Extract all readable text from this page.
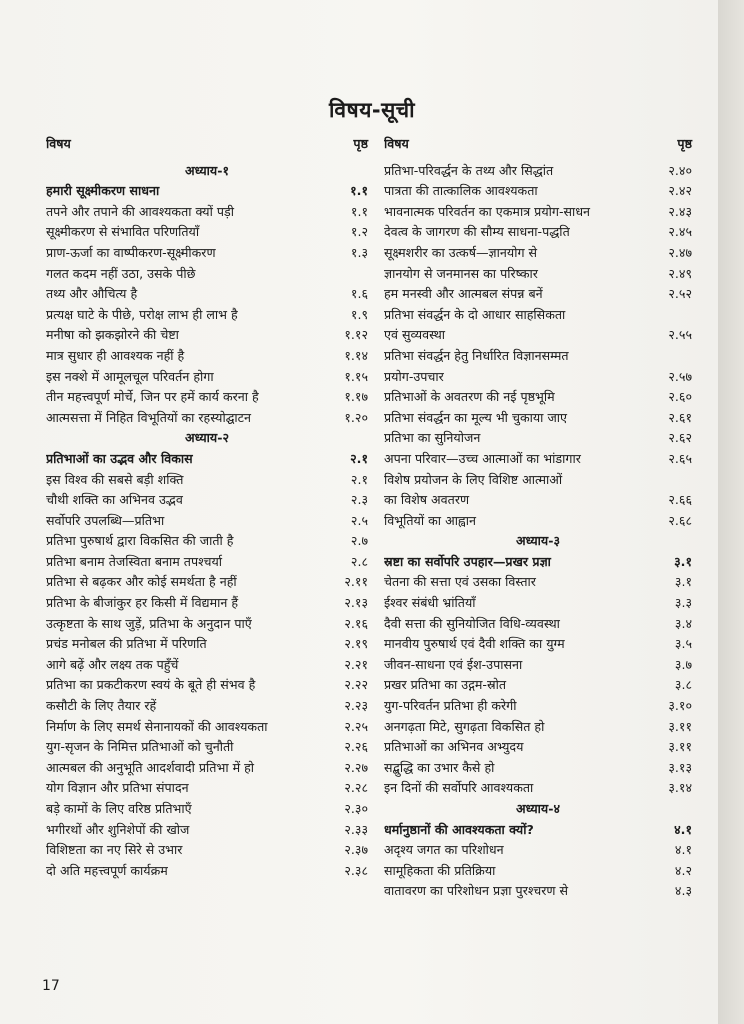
विषय-सूची
विषय	पृष्ठ
अध्याय-१
हमारी सूक्ष्मीकरण साधना	१.१
तपने और तपाने की आवश्यकता क्यों पड़ी	१.१
सूक्ष्मीकरण से संभावित परिणतियाँ	१.२
प्राण-ऊर्जा का वाष्पीकरण-सूक्ष्मीकरण	१.३
गलत कदम नहीं उठा, उसके पीछे
तथ्य और औचित्य है	१.६
प्रत्यक्ष घाटे के पीछे, परोक्ष लाभ ही लाभ है	१.९
मनीषा को झकझोरने की चेष्टा	१.१२
मात्र सुधार ही आवश्यक नहीं है	१.१४
इस नक्शे में आमूलचूल परिवर्तन होगा	१.१५
तीन महत्त्वपूर्ण मोर्चे, जिन पर हमें कार्य करना है	१.१७
आत्मसत्ता में निहित विभूतियों का रहस्योद्घाटन	१.२०
अध्याय-२
प्रतिभाओं का उद्भव और विकास	२.१
इस विश्व की सबसे बड़ी शक्ति	२.१
चौथी शक्ति का अभिनव उद्भव	२.३
सर्वोपरि उपलब्धि—प्रतिभा	२.५
प्रतिभा पुरुषार्थ द्वारा विकसित की जाती है	२.७
प्रतिभा बनाम तेजस्विता बनाम तपश्चर्या	२.८
प्रतिभा से बढ़कर और कोई समर्थता है नहीं	२.११
प्रतिभा के बीजांकुर हर किसी में विद्यमान हैं	२.१३
उत्कृष्टता के साथ जुड़ें, प्रतिभा के अनुदान पाएँ	२.१६
प्रचंड मनोबल की प्रतिभा में परिणति	२.१९
आगे बढ़ें और लक्ष्य तक पहुँचें	२.२१
प्रतिभा का प्रकटीकरण स्वयं के बूते ही संभव है	२.२२
कसौटी के लिए तैयार रहें	२.२३
निर्माण के लिए समर्थ सेनानायकों की आवश्यकता	२.२५
युग-सृजन के निमित्त प्रतिभाओं को चुनौती	२.२६
आत्मबल की अनुभूति आदर्शवादी प्रतिभा में हो	२.२७
योग विज्ञान और प्रतिभा संपादन	२.२८
बड़े कामों के लिए वरिष्ठ प्रतिभाएँ	२.३०
भगीरथों और शुनिशेपों की खोज	२.३३
विशिष्टता का नए सिरे से उभार	२.३७
दो अति महत्त्वपूर्ण कार्यक्रम	२.३८
विषय	पृष्ठ
प्रतिभा-परिवर्द्धन के तथ्य और सिद्धांत	२.४०
पात्रता की तात्कालिक आवश्यकता	२.४२
भावनात्मक परिवर्तन का एकमात्र प्रयोग-साधन	२.४३
देवत्व के जागरण की सौम्य साधना-पद्धति	२.४५
सूक्ष्मशरीर का उत्कर्ष—ज्ञानयोग से	२.४७
ज्ञानयोग से जनमानस का परिष्कार	२.४९
हम मनस्वी और आत्मबल संपन्न बनें	२.५२
प्रतिभा संवर्द्धन के दो आधार साहसिकता
एवं सुव्यवस्था	२.५५
प्रतिभा संवर्द्धन हेतु निर्धारित विज्ञानसम्मत
प्रयोग-उपचार	२.५७
प्रतिभाओं के अवतरण की नई पृष्ठभूमि	२.६०
प्रतिभा संवर्द्धन का मूल्य भी चुकाया जाए	२.६१
प्रतिभा का सुनियोजन	२.६२
अपना परिवार—उच्च आत्माओं का भांडागार	२.६५
विशेष प्रयोजन के लिए विशिष्ट आत्माओं
का विशेष अवतरण	२.६६
विभूतियों का आह्वान	२.६८
अध्याय-३
स्रष्टा का सर्वोपरि उपहार—प्रखर प्रज्ञा	३.१
चेतना की सत्ता एवं उसका विस्तार	३.१
ईश्वर संबंधी भ्रांतियाँ	३.३
दैवी सत्ता की सुनियोजित विधि-व्यवस्था	३.४
मानवीय पुरुषार्थ एवं दैवी शक्ति का युग्म	३.५
जीवन-साधना एवं ईश-उपासना	३.७
प्रखर प्रतिभा का उद्गम-स्रोत	३.८
युग-परिवर्तन प्रतिभा ही करेगी	३.१०
अनगढ़ता मिटे, सुगढ़ता विकसित हो	३.११
प्रतिभाओं का अभिनव अभ्युदय	३.११
सद्बुद्धि का उभार कैसे हो	३.१३
इन दिनों की सर्वोपरि आवश्यकता	३.१४
अध्याय-४
धर्मानुष्ठानों की आवश्यकता क्यों?	४.१
अदृश्य जगत का परिशोधन	४.१
सामूहिकता की प्रतिक्रिया	४.२
वातावरण का परिशोधन प्रज्ञा पुरश्चरण से	४.३
17
